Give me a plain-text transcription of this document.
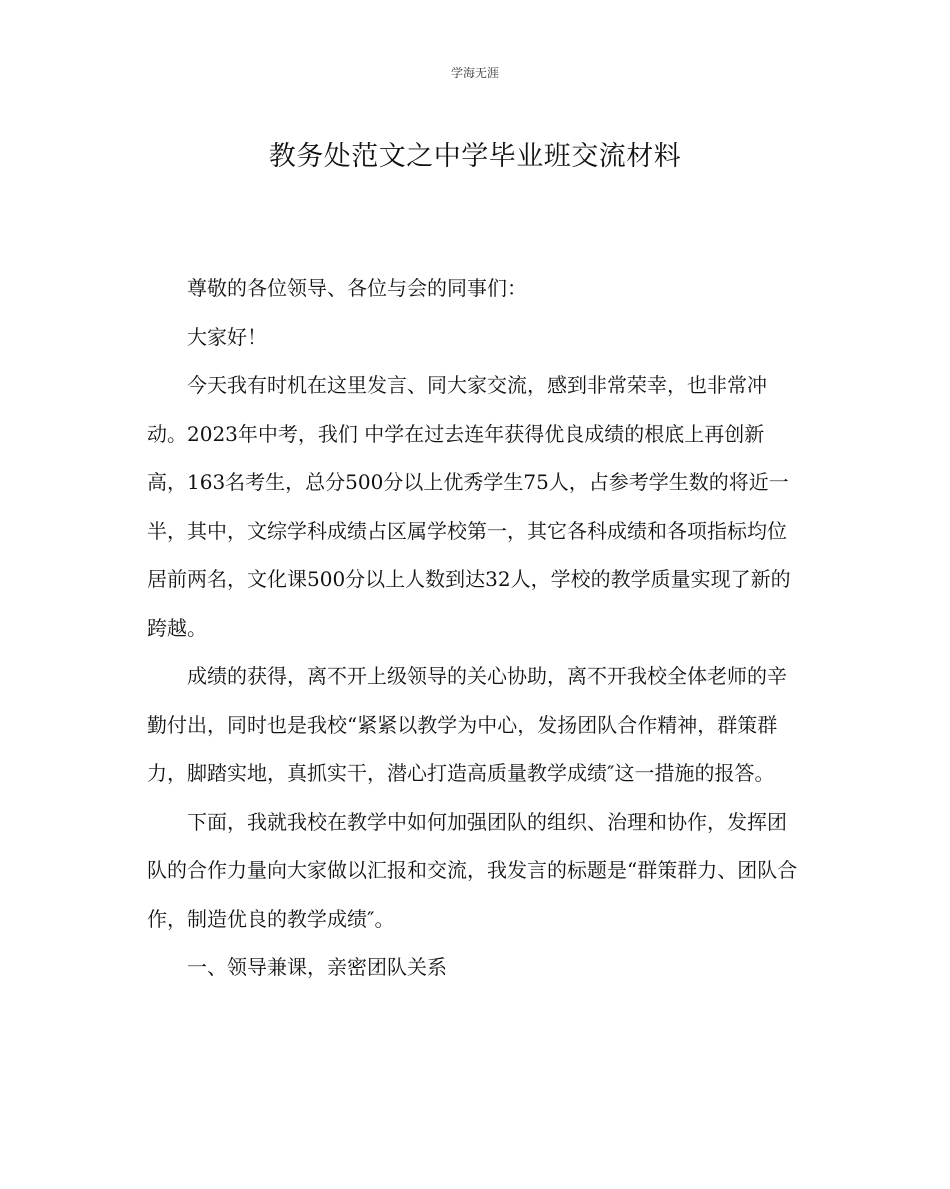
学海无涯
教务处范文之中学毕业班交流材料

尊敬的各位领导、各位与会的同事们：

大家好！

今天我有时机在这里发言、同大家交流，感到非常荣幸，也非常冲动。2023年中考，我们 中学在过去连年获得优良成绩的根底上再创新高，163名考生，总分500分以上优秀学生75人，占参考学生数的将近一半，其中，文综学科成绩占区属学校第一，其它各科成绩和各项指标均位居前两名，文化课500分以上人数到达32人，学校的教学质量实现了新的跨越。

成绩的获得，离不开上级领导的关心协助，离不开我校全体老师的辛勤付出，同时也是我校“紧紧以教学为中心，发扬团队合作精神，群策群力，脚踏实地，真抓实干，潜心打造高质量教学成绩″这一措施的报答。

下面，我就我校在教学中如何加强团队的组织、治理和协作，发挥团队的合作力量向大家做以汇报和交流，我发言的标题是“群策群力、团队合作，制造优良的教学成绩″。

一、领导兼课，亲密团队关系
